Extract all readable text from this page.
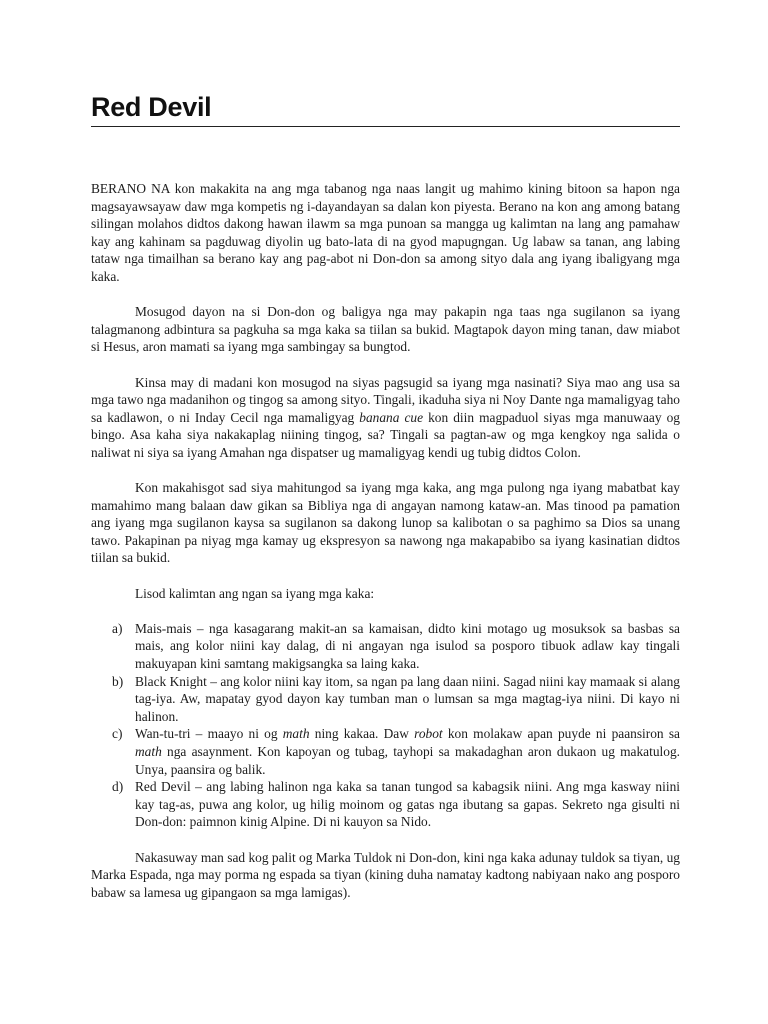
Red Devil

BERANO NA kon makakita na ang mga tabanog nga naas langit ug mahimo kining bitoon sa hapon nga magsayawsayaw daw mga kompetis ng i-dayandayan sa dalan kon piyesta. Berano na kon ang among batang silingan molahos didtos dakong hawan ilawm sa mga punoan sa mangga ug kalimtan na lang ang pamahaw kay ang kahinam sa pagduwag diyolin ug bato-lata di na gyod mapugngan. Ug labaw sa tanan, ang labing tataw nga timailhan sa berano kay ang pag-abot ni Don-don sa among sityo dala ang iyang ibaligyang mga kaka.

Mosugod dayon na si Don-don og baligya nga may pakapin nga taas nga sugilanon sa iyang talagmanong adbintura sa pagkuha sa mga kaka sa tiilan sa bukid. Magtapok dayon ming tanan, daw miabot si Hesus, aron mamati sa iyang mga sambingay sa bungtod.

Kinsa may di madani kon mosugod na siyas pagsugid sa iyang mga nasinati? Siya mao ang usa sa mga tawo nga madanihon og tingog sa among sityo. Tingali, ikaduha siya ni Noy Dante nga mamaligyag taho sa kadlawon, o ni Inday Cecil nga mamaligyag banana cue kon diin magpaduol siyas mga manuwaay og bingo. Asa kaha siya nakakaplag niining tingog, sa? Tingali sa pagtan-aw og mga kengkoy nga salida o naliwat ni siya sa iyang Amahan nga dispatser ug mamaligyag kendi ug tubig didtos Colon.

Kon makahisgot sad siya mahitungod sa iyang mga kaka, ang mga pulong nga iyang mabatbat kay mamahimo mang balaan daw gikan sa Bibliya nga di angayan namong kataw-an. Mas tinood pa pamation ang iyang mga sugilanon kaysa sa sugilanon sa dakong lunop sa kalibotan o sa paghimo sa Dios sa unang tawo. Pakapinan pa niyag mga kamay ug ekspresyon sa nawong nga makapabibo sa iyang kasinatian didtos tiilan sa bukid.

Lisod kalimtan ang ngan sa iyang mga kaka:

a) Mais-mais – nga kasagarang makit-an sa kamaisan, didto kini motago ug mosuksok sa basbas sa mais, ang kolor niini kay dalag, di ni angayan nga isulod sa posporo tibuok adlaw kay tingali makuyapan kini samtang makigsangka sa laing kaka.
b) Black Knight – ang kolor niini kay itom, sa ngan pa lang daan niini. Sagad niini kay mamaak si alang tag-iya. Aw, mapatay gyod dayon kay tumban man o lumsan sa mga magtag-iya niini. Di kayo ni halinon.
c) Wan-tu-tri – maayo ni og math ning kakaa. Daw robot kon molakaw apan puyde ni paansiron sa math nga asaynment. Kon kapoyan og tubag, tayhopi sa makadaghan aron dukaon ug makatulog. Unya, paansira og balik.
d) Red Devil – ang labing halinon nga kaka sa tanan tungod sa kabagsik niini. Ang mga kasway niini kay tag-as, puwa ang kolor, ug hilig moinom og gatas nga ibutang sa gapas. Sekreto nga gisulti ni Don-don: paimnon kinig Alpine. Di ni kauyon sa Nido.

Nakasuway man sad kog palit og Marka Tuldok ni Don-don, kini nga kaka adunay tuldok sa tiyan, ug Marka Espada, nga may porma ng espada sa tiyan (kining duha namatay kadtong nabiyaan nako ang posporo babaw sa lamesa ug gipangaon sa mga lamigas).
